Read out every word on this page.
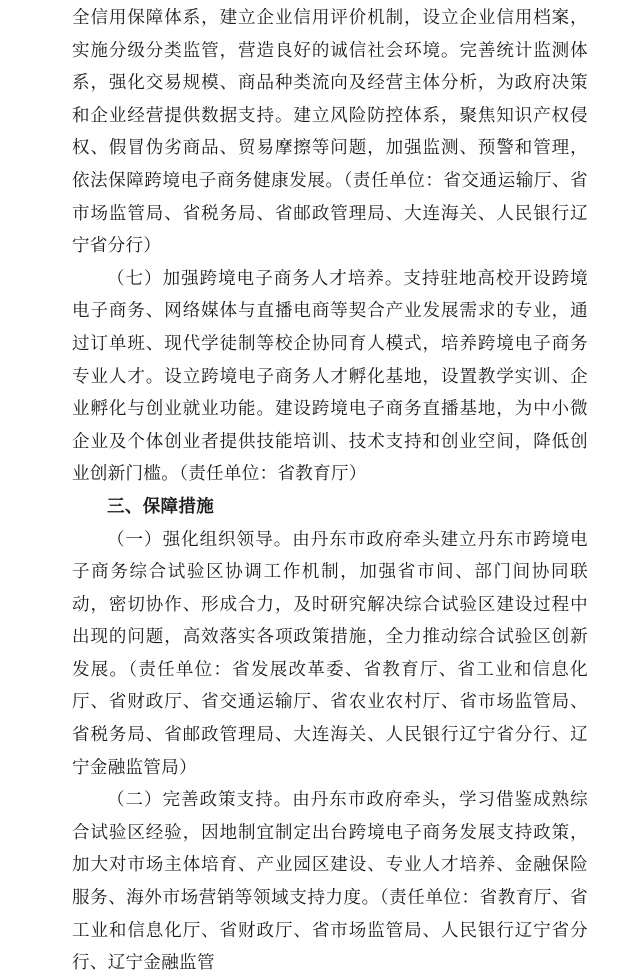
全信用保障体系，建立企业信用评价机制，设立企业信用档案，实施分级分类监管，营造良好的诚信社会环境。完善统计监测体系，强化交易规模、商品种类流向及经营主体分析，为政府决策和企业经营提供数据支持。建立风险防控体系，聚焦知识产权侵权、假冒伪劣商品、贸易摩擦等问题，加强监测、预警和管理，依法保障跨境电子商务健康发展。（责任单位：省交通运输厅、省市场监管局、省税务局、省邮政管理局、大连海关、人民银行辽宁省分行）

（七）加强跨境电子商务人才培养。支持驻地高校开设跨境电子商务、网络媒体与直播电商等契合产业发展需求的专业，通过订单班、现代学徒制等校企协同育人模式，培养跨境电子商务专业人才。设立跨境电子商务人才孵化基地，设置教学实训、企业孵化与创业就业功能。建设跨境电子商务直播基地，为中小微企业及个体创业者提供技能培训、技术支持和创业空间，降低创业创新门槛。（责任单位：省教育厅）

三、保障措施

（一）强化组织领导。由丹东市政府牵头建立丹东市跨境电子商务综合试验区协调工作机制，加强省市间、部门间协同联动，密切协作、形成合力，及时研究解决综合试验区建设过程中出现的问题，高效落实各项政策措施，全力推动综合试验区创新发展。（责任单位：省发展改革委、省教育厅、省工业和信息化厅、省财政厅、省交通运输厅、省农业农村厅、省市场监管局、省税务局、省邮政管理局、大连海关、人民银行辽宁省分行、辽宁金融监管局）

（二）完善政策支持。由丹东市政府牵头，学习借鉴成熟综合试验区经验，因地制宜制定出台跨境电子商务发展支持政策，加大对市场主体培育、产业园区建设、专业人才培养、金融保险服务、海外市场营销等领域支持力度。（责任单位：省教育厅、省工业和信息化厅、省财政厅、省市场监管局、人民银行辽宁省分行、辽宁金融监管
